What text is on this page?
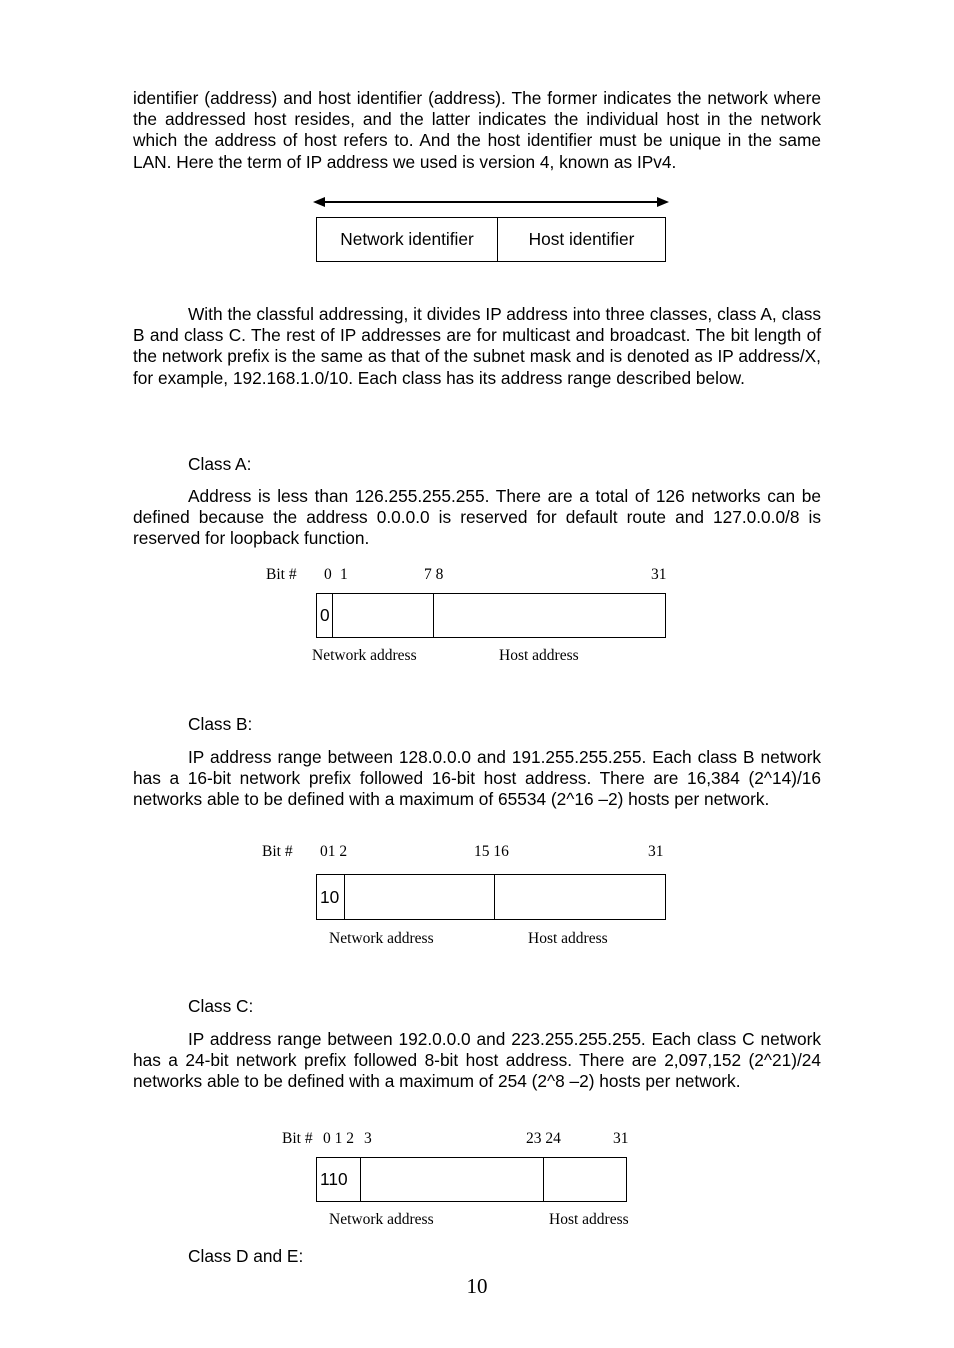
identifier (address) and host identifier (address). The former indicates the network where the addressed host resides, and the latter indicates the individual host in the network which the address of host refers to. And the host identifier must be unique in the same LAN. Here the term of IP address we used is version 4, known as IPv4.

Network identifier	Host identifier

With the classful addressing, it divides IP address into three classes, class A, class B and class C. The rest of IP addresses are for multicast and broadcast. The bit length of the network prefix is the same as that of the subnet mask and is denoted as IP address/X, for example, 192.168.1.0/10. Each class has its address range described below.

Class A:

Address is less than 126.255.255.255. There are a total of 126 networks can be defined because the address 0.0.0.0 is reserved for default route and 127.0.0.0/8 is reserved for loopback function.

Bit # 0 1	7 8	31
0
Network address	Host address

Class B:

IP address range between 128.0.0.0 and 191.255.255.255. Each class B network has a 16-bit network prefix followed 16-bit host address. There are 16,384 (2^14)/16 networks able to be defined with a maximum of 65534 (2^16 –2) hosts per network.

Bit # 01 2	15 16	31
10
Network address	Host address

Class C:

IP address range between 192.0.0.0 and 223.255.255.255. Each class C network has a 24-bit network prefix followed 8-bit host address. There are 2,097,152 (2^21)/24 networks able to be defined with a maximum of 254 (2^8 –2) hosts per network.

Bit # 0 1 2 3	23 24	31
110
Network address	Host address

Class D and E:

10
